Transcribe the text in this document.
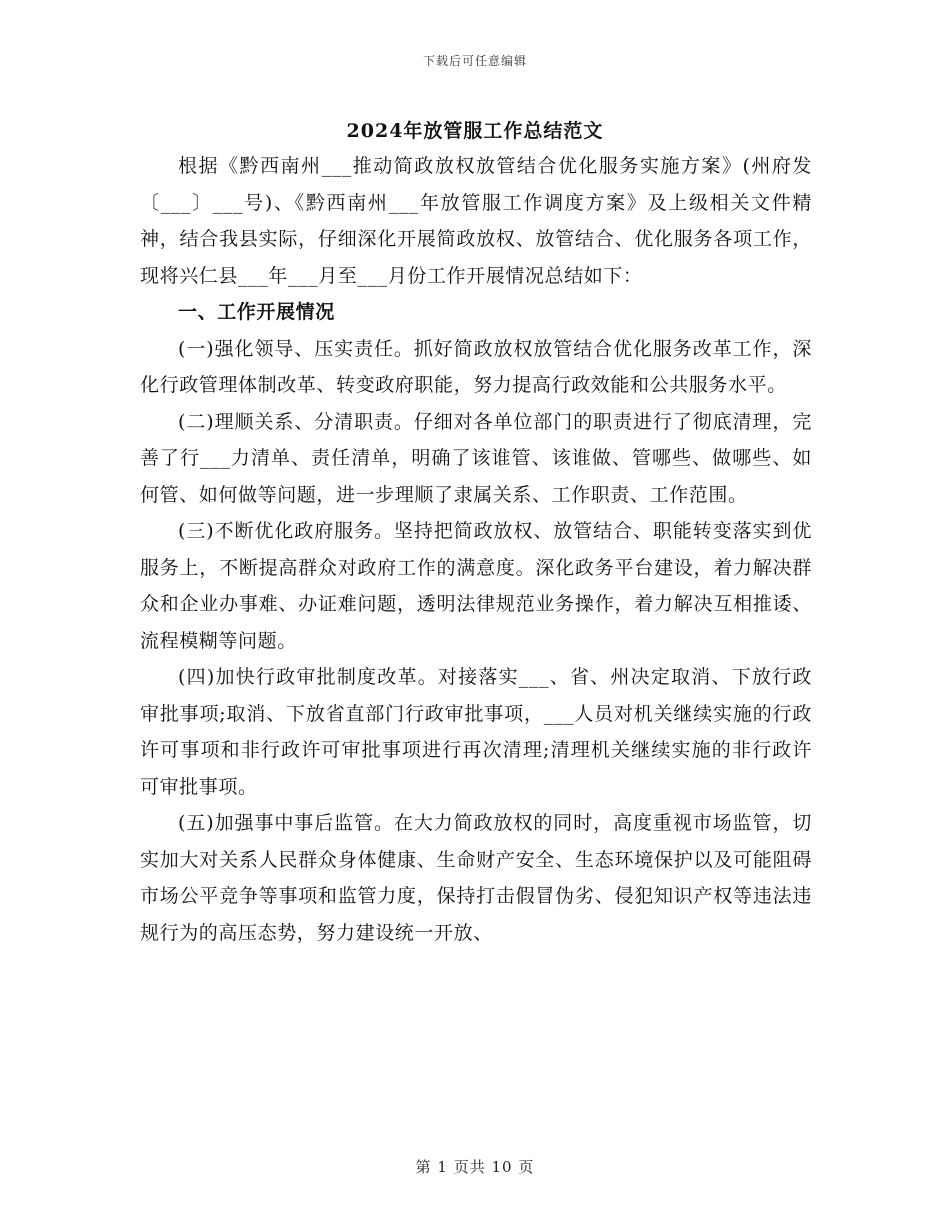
下载后可任意编辑
2024年放管服工作总结范文

根据《黔西南州___推动简政放权放管结合优化服务实施方案》(州府发〔___〕___号)、《黔西南州___年放管服工作调度方案》及上级相关文件精神，结合我县实际，仔细深化开展简政放权、放管结合、优化服务各项工作，现将兴仁县___年___月至___月份工作开展情况总结如下：

一、工作开展情况

(一)强化领导、压实责任。抓好简政放权放管结合优化服务改革工作，深化行政管理体制改革、转变政府职能，努力提高行政效能和公共服务水平。

(二)理顺关系、分清职责。仔细对各单位部门的职责进行了彻底清理，完善了行___力清单、责任清单，明确了该谁管、该谁做、管哪些、做哪些、如何管、如何做等问题，进一步理顺了隶属关系、工作职责、工作范围。

(三)不断优化政府服务。坚持把简政放权、放管结合、职能转变落实到优服务上，不断提高群众对政府工作的满意度。深化政务平台建设，着力解决群众和企业办事难、办证难问题，透明法律规范业务操作，着力解决互相推诿、流程模糊等问题。

(四)加快行政审批制度改革。对接落实___、省、州决定取消、下放行政审批事项;取消、下放省直部门行政审批事项，___人员对机关继续实施的行政许可事项和非行政许可审批事项进行再次清理;清理机关继续实施的非行政许可审批事项。

(五)加强事中事后监管。在大力简政放权的同时，高度重视市场监管，切实加大对关系人民群众身体健康、生命财产安全、生态环境保护以及可能阻碍市场公平竞争等事项和监管力度，保持打击假冒伪劣、侵犯知识产权等违法违规行为的高压态势，努力建设统一开放、

第 1 页共 10 页
